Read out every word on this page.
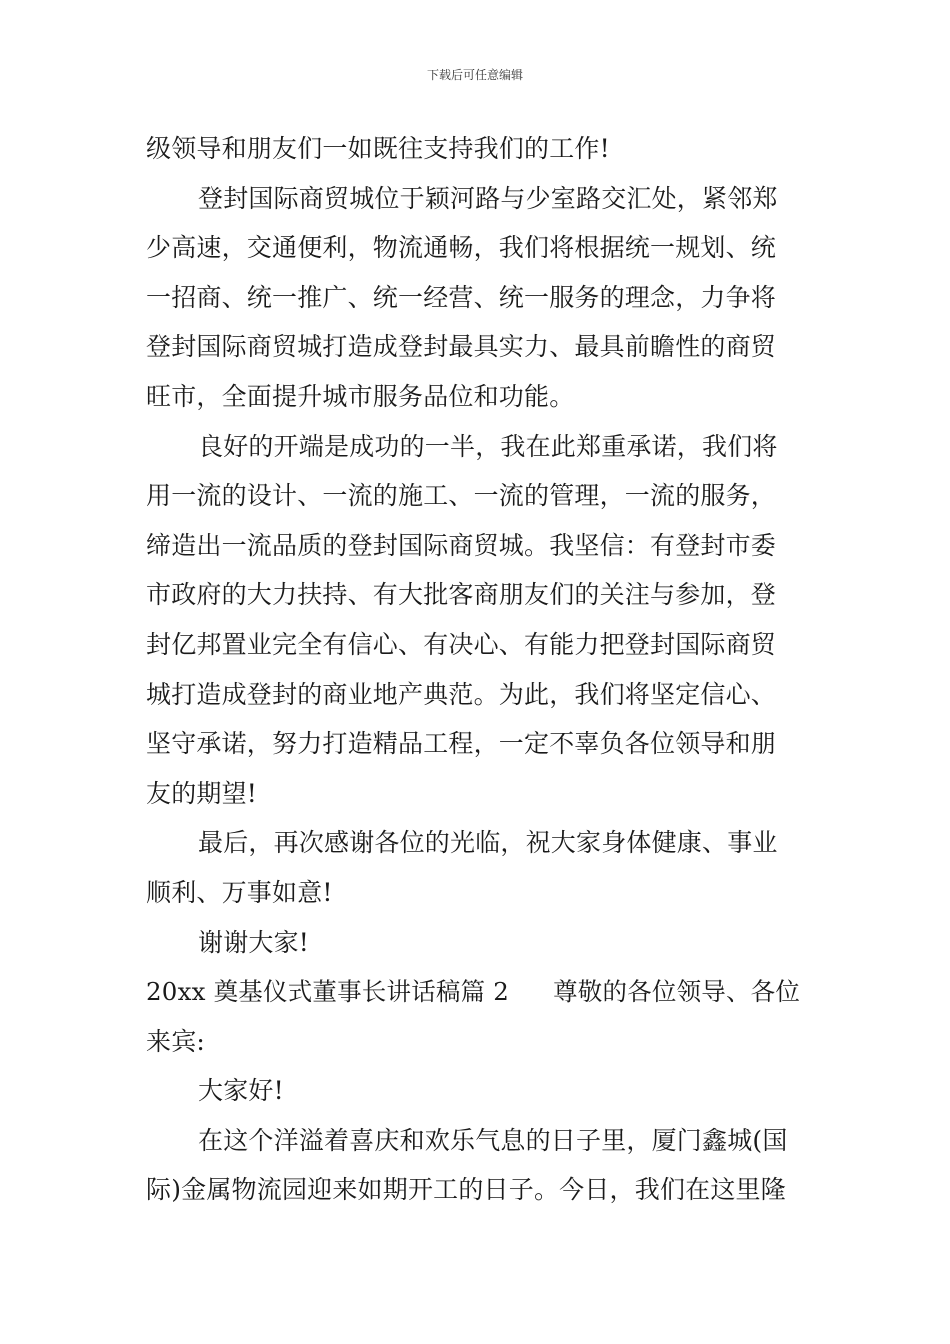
下载后可任意编辑
级领导和朋友们一如既往支持我们的工作!
登封国际商贸城位于颖河路与少室路交汇处，紧邻郑
少高速，交通便利，物流通畅，我们将根据统一规划、统
一招商、统一推广、统一经营、统一服务的理念，力争将
登封国际商贸城打造成登封最具实力、最具前瞻性的商贸
旺市，全面提升城市服务品位和功能。
良好的开端是成功的一半，我在此郑重承诺，我们将
用一流的设计、一流的施工、一流的管理，一流的服务，
缔造出一流品质的登封国际商贸城。我坚信：有登封市委
市政府的大力扶持、有大批客商朋友们的关注与参加，登
封亿邦置业完全有信心、有决心、有能力把登封国际商贸
城打造成登封的商业地产典范。为此，我们将坚定信心、
坚守承诺，努力打造精品工程，一定不辜负各位领导和朋
友的期望!
最后，再次感谢各位的光临，祝大家身体健康、事业
顺利、万事如意!
谢谢大家!
20xx 奠基仪式董事长讲话稿篇 2 尊敬的各位领导、各位
来宾:
大家好!
在这个洋溢着喜庆和欢乐气息的日子里，厦门鑫城(国
际)金属物流园迎来如期开工的日子。今日，我们在这里隆
